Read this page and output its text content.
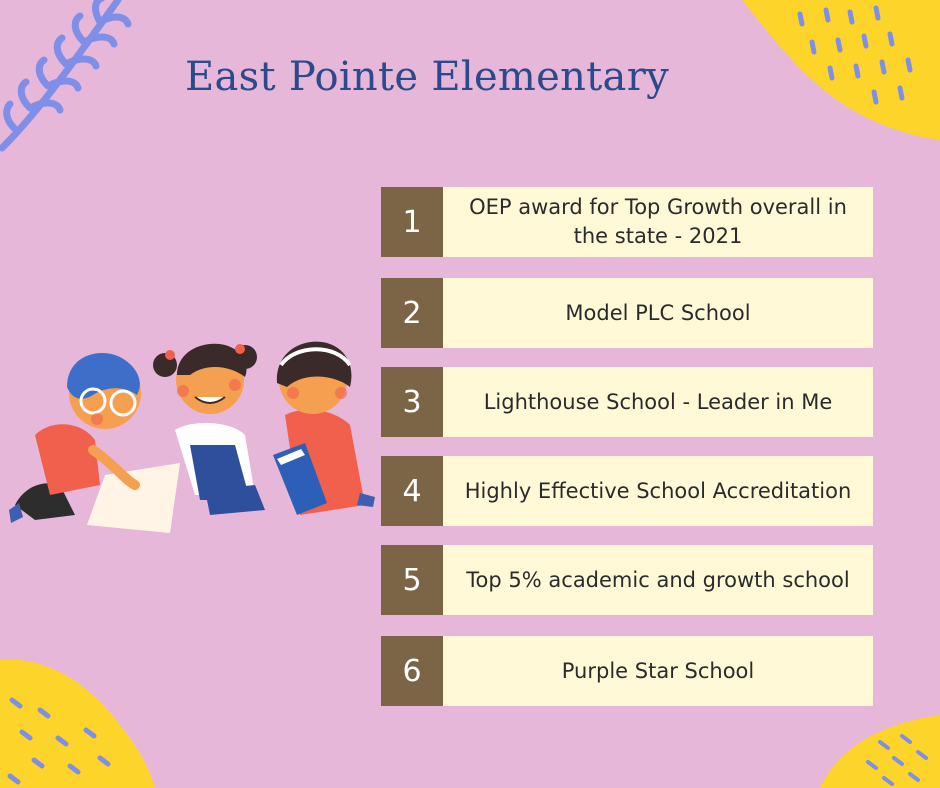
East Pointe Elementary
1	OEP award for Top Growth overall in the state - 2021
2	Model PLC School
3	Lighthouse School - Leader in Me
4	Highly Effective School Accreditation
5	Top 5% academic and growth school
6	Purple Star School
